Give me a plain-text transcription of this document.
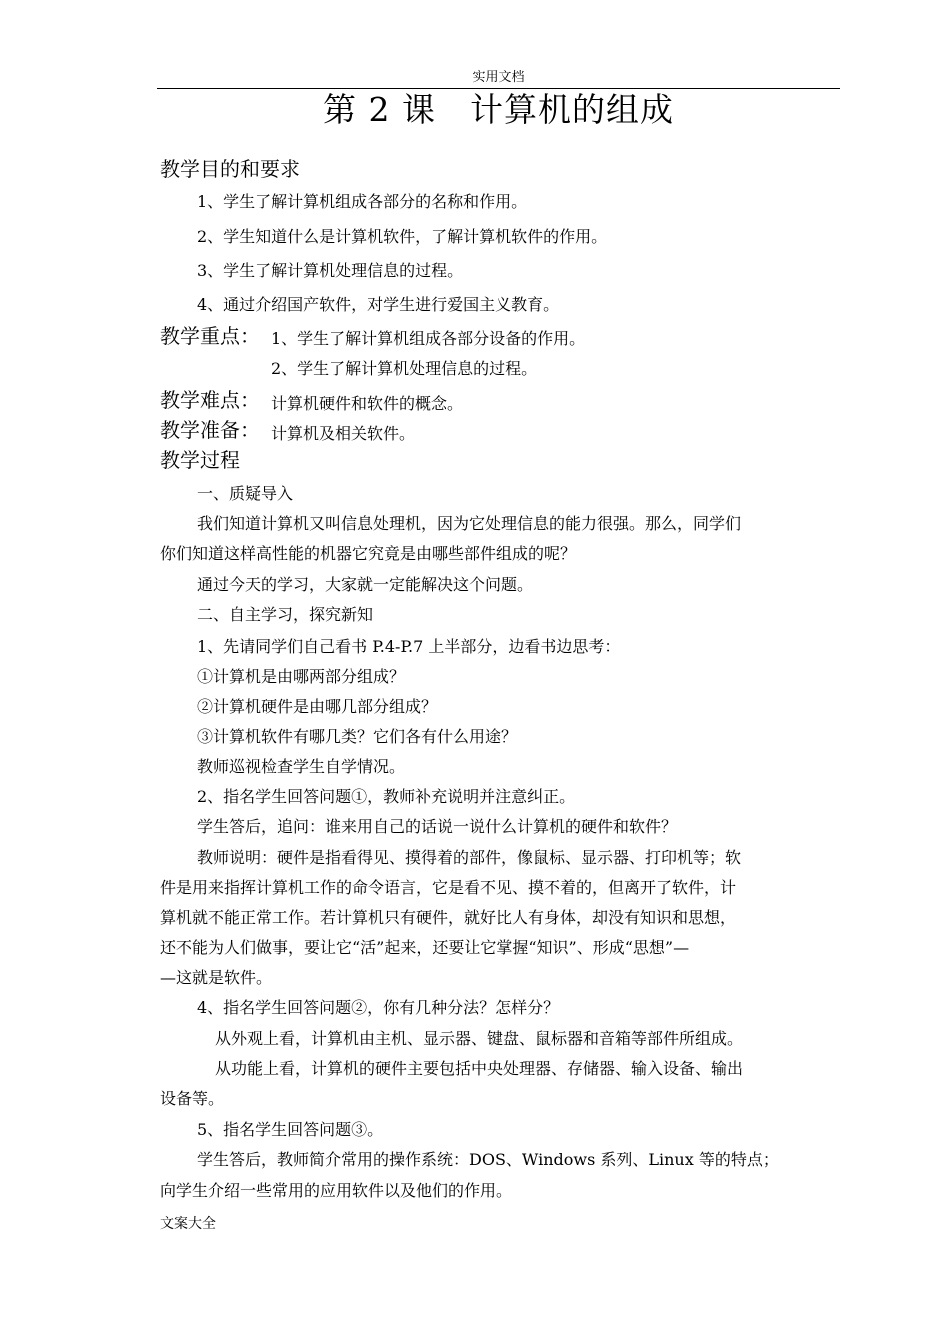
实用文档
第 2 课　计算机的组成
教学目的和要求
1、学生了解计算机组成各部分的名称和作用。
2、学生知道什么是计算机软件，了解计算机软件的作用。
3、学生了解计算机处理信息的过程。
4、通过介绍国产软件，对学生进行爱国主义教育。
教学重点： 1、学生了解计算机组成各部分设备的作用。
2、学生了解计算机处理信息的过程。
教学难点： 计算机硬件和软件的概念。
教学准备： 计算机及相关软件。
教学过程
一、质疑导入
我们知道计算机又叫信息处理机，因为它处理信息的能力很强。那么，同学们
你们知道这样高性能的机器它究竟是由哪些部件组成的呢？
通过今天的学习，大家就一定能解决这个问题。
二、自主学习，探究新知
1、先请同学们自己看书 P.4-P.7 上半部分，边看书边思考：
①计算机是由哪两部分组成？
②计算机硬件是由哪几部分组成？
③计算机软件有哪几类？它们各有什么用途？
教师巡视检查学生自学情况。
2、指名学生回答问题①，教师补充说明并注意纠正。
学生答后，追问：谁来用自己的话说一说什么计算机的硬件和软件？
教师说明：硬件是指看得见、摸得着的部件，像鼠标、显示器、打印机等；软
件是用来指挥计算机工作的命令语言，它是看不见、摸不着的，但离开了软件，计
算机就不能正常工作。若计算机只有硬件，就好比人有身体，却没有知识和思想，
还不能为人们做事，要让它“活”起来，还要让它掌握“知识”、形成“思想”—
—这就是软件。
4、指名学生回答问题②，你有几种分法？怎样分？
从外观上看，计算机由主机、显示器、键盘、鼠标器和音箱等部件所组成。
从功能上看，计算机的硬件主要包括中央处理器、存储器、输入设备、输出
设备等。
5、指名学生回答问题③。
学生答后，教师简介常用的操作系统：DOS、Windows 系列、Linux 等的特点；
向学生介绍一些常用的应用软件以及他们的作用。
文案大全
